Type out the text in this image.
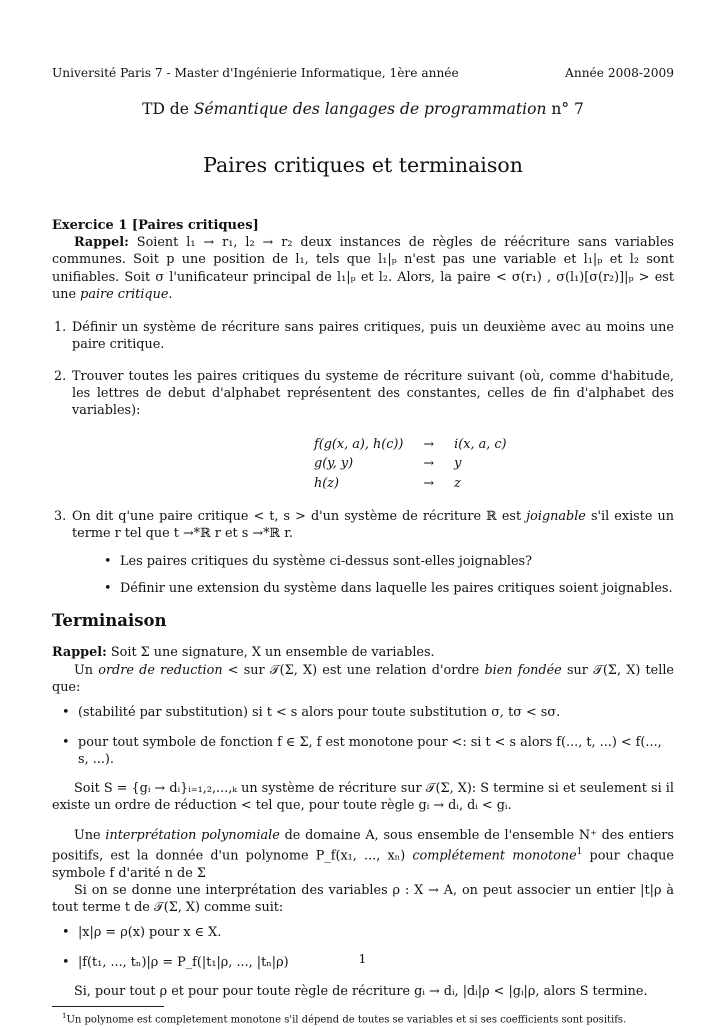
Université Paris 7 - Master d'Ingénierie Informatique, 1ère année	Année 2008-2009
TD de Sémantique des langages de programmation n° 7
Paires critiques et terminaison
Exercice 1 [Paires critiques]

Rappel: Soient l₁ → r₁, l₂ → r₂ deux instances de règles de réécriture sans variables communes. Soit p une position de l₁, tels que l₁|ₚ n'est pas une variable et l₁|ₚ et l₂ sont unifiables. Soit σ l'unificateur principal de l₁|ₚ et l₂. Alors, la paire < σ(r₁) , σ(l₁)[σ(r₂)]|ₚ > est une paire critique.

1. Définir un système de récriture sans paires critiques, puis un deuxième avec au moins une paire critique.
2. Trouver toutes les paires critiques du systeme de récriture suivant (où, comme d'habitude, les lettres de debut d'alphabet représentent des constantes, celles de fin d'alphabet des variables):
f(g(x, a), h(c))	→	i(x, a, c)
g(y, y)	→	y
h(z)	→	z
3. On dit q'une paire critique < t, s > d'un système de récriture ℝ est joignable s'il existe un terme r tel que t →*ℝ r et s →*ℝ r.
• Les paires critiques du système ci-dessus sont-elles joignables?
• Définir une extension du système dans laquelle les paires critiques soient joignables.
Terminaison

Rappel: Soit Σ une signature, X un ensemble de variables.

Un ordre de reduction < sur 𝒯(Σ, X) est une relation d'ordre bien fondée sur 𝒯(Σ, X) telle que:

• (stabilité par substitution) si t < s alors pour toute substitution σ, tσ < sσ.
• pour tout symbole de fonction f ∈ Σ, f est monotone pour <: si t < s alors f(..., t, ...) < f(..., s, ...).

Soit S = {gᵢ → dᵢ}ᵢ₌₁,₂,...,ₖ un système de récriture sur 𝒯(Σ, X): S termine si et seulement si il existe un ordre de réduction < tel que, pour toute règle gᵢ → dᵢ, dᵢ < gᵢ.

Une interprétation polynomiale de domaine A, sous ensemble de l'ensemble N⁺ des entiers positifs, est la donnée d'un polynome P_f(x₁, ..., xₙ) complétement monotone$^1$ pour chaque symbole f d'arité n de Σ

Si on se donne une interprétation des variables ρ : X → A, on peut associer un entier |t|ρ à tout terme t de 𝒯(Σ, X) comme suit:

• |x|ρ = ρ(x) pour x ∈ X.
• |f(t₁, ..., tₙ)|ρ = P_f(|t₁|ρ, ..., |tₙ|ρ)

Si, pour tout ρ et pour pour toute règle de récriture gᵢ → dᵢ, |dᵢ|ρ < |gᵢ|ρ, alors S termine.

$^1$Un polynome est completement monotone s'il dépend de toutes se variables et si ses coefficients sont positifs.
1
